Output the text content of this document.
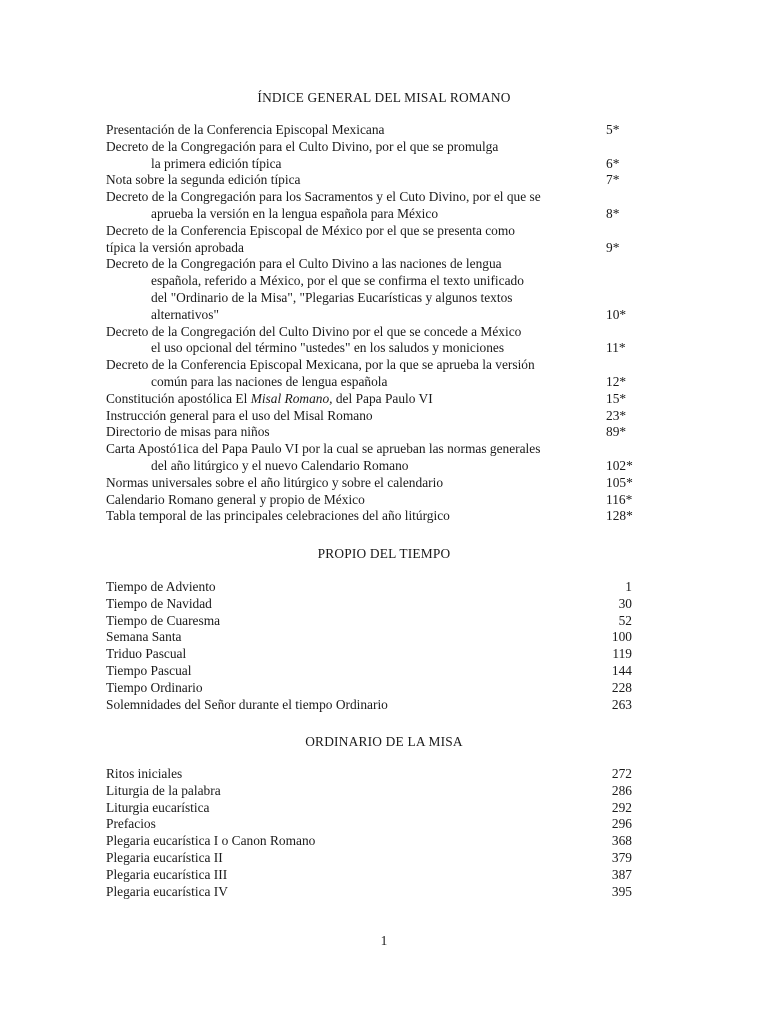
ÍNDICE GENERAL DEL MISAL ROMANO
Presentación de la Conferencia Episcopal Mexicana	5*
Decreto de la Congregación para el Culto Divino, por el que se promulga
la primera edición típica	6*
Nota sobre la segunda edición típica	7*
Decreto de la Congregación para los Sacramentos y el Cuto Divino, por el que se
aprueba la versión en la lengua española para México	8*
Decreto de la Conferencia Episcopal de México por el que se presenta como
típica la versión aprobada	9*
Decreto de la Congregación para el Culto Divino a las naciones de lengua
española, referido a México, por el que se confirma el texto unificado
del "Ordinario de la Misa", "Plegarias Eucarísticas y algunos textos
alternativos"	10*
Decreto de la Congregación del Culto Divino por el que se concede a México
el uso opcional del término "ustedes" en los saludos y moniciones	11*
Decreto de la Conferencia Episcopal Mexicana, por la que se aprueba la versión
común para las naciones de lengua española	12*
Constitución apostólica El Misal Romano, del Papa Paulo VI	15*
Instrucción general para el uso del Misal Romano	23*
Directorio de misas para niños	89*
Carta Apostó1ica del Papa Paulo VI por la cual se aprueban las normas generales
del año litúrgico y el nuevo Calendario Romano	102*
Normas universales sobre el año litúrgico y sobre el calendario	105*
Calendario Romano general y propio de México	116*
Tabla temporal de las principales celebraciones del año litúrgico	128*
PROPIO DEL TIEMPO
Tiempo de Adviento	1
Tiempo de Navidad	30
Tiempo de Cuaresma	52
Semana Santa	100
Triduo Pascual	119
Tiempo Pascual	144
Tiempo Ordinario	228
Solemnidades del Señor durante el tiempo Ordinario	263
ORDINARIO DE LA MISA
Ritos iniciales	272
Liturgia de la palabra	286
Liturgia eucarística	292
Prefacios	296
Plegaria eucarística I o Canon Romano	368
Plegaria eucarística II	379
Plegaria eucarística III	387
Plegaria eucarística IV	395
1
